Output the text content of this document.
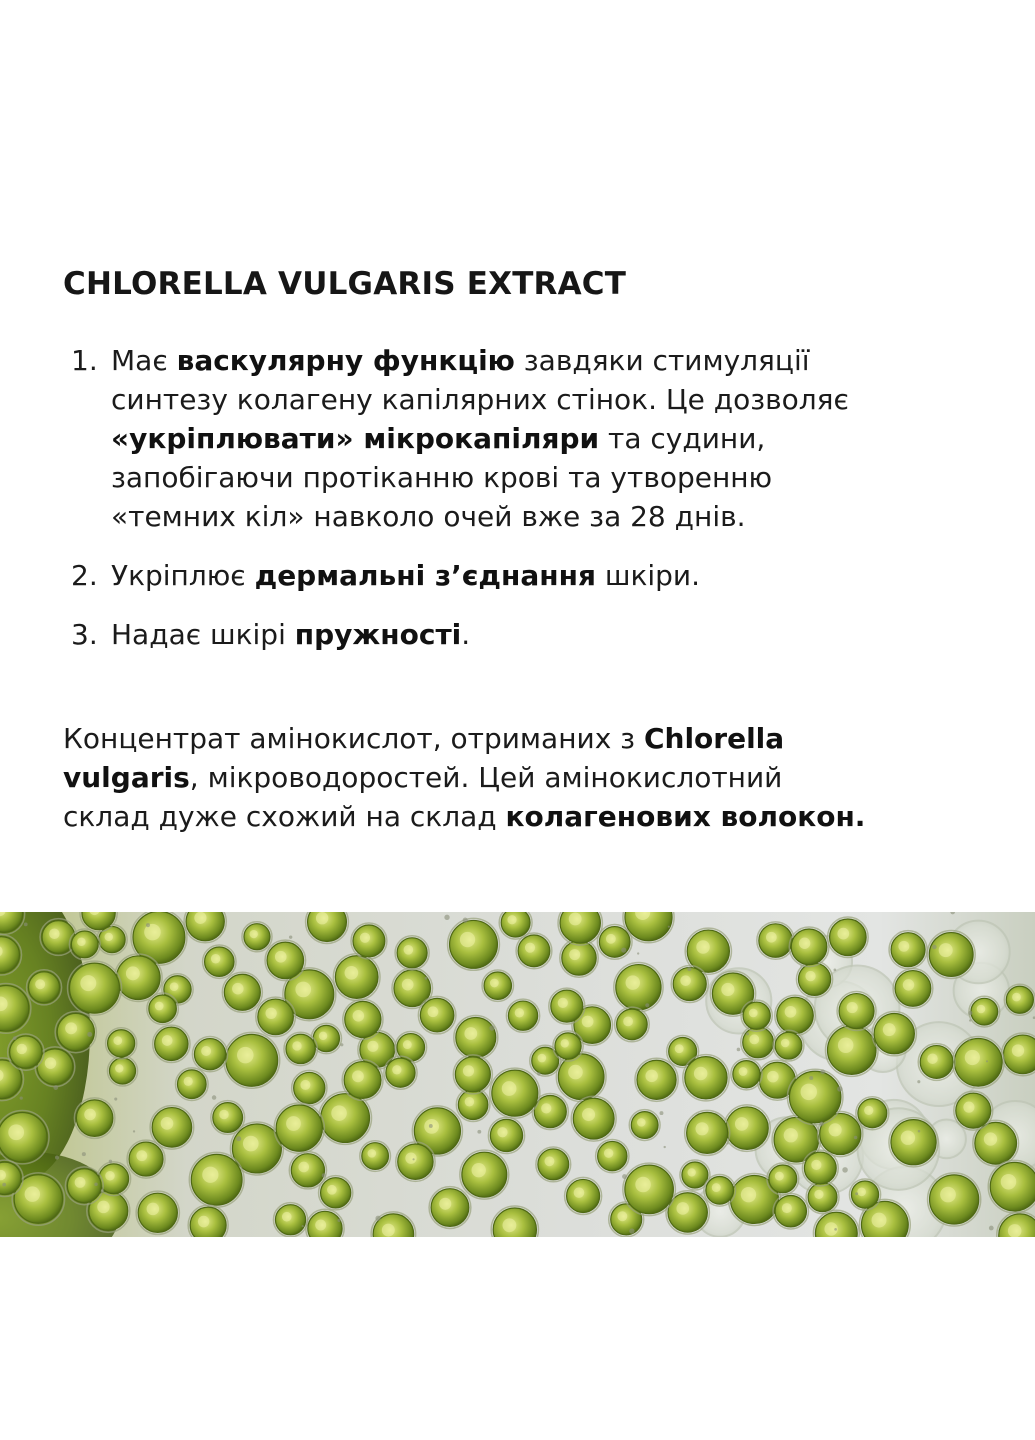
CHLORELLA VULGARIS EXTRACT
1. Має васкулярну функцію завдяки стимуляції
синтезу колагену капілярних стінок. Це дозволяє
«укріплювати» мікрокапіляри та судини,
запобігаючи протіканню крові та утворенню
«темних кіл» навколо очей вже за 28 днів.
2. Укріплює дермальні з’єднання шкіри.
3. Надає шкірі пружності.

Концентрат амінокислот, отриманих з Chlorella
vulgaris, мікроводоростей. Цей амінокислотний
склад дуже схожий на склад колагенових волокон.
